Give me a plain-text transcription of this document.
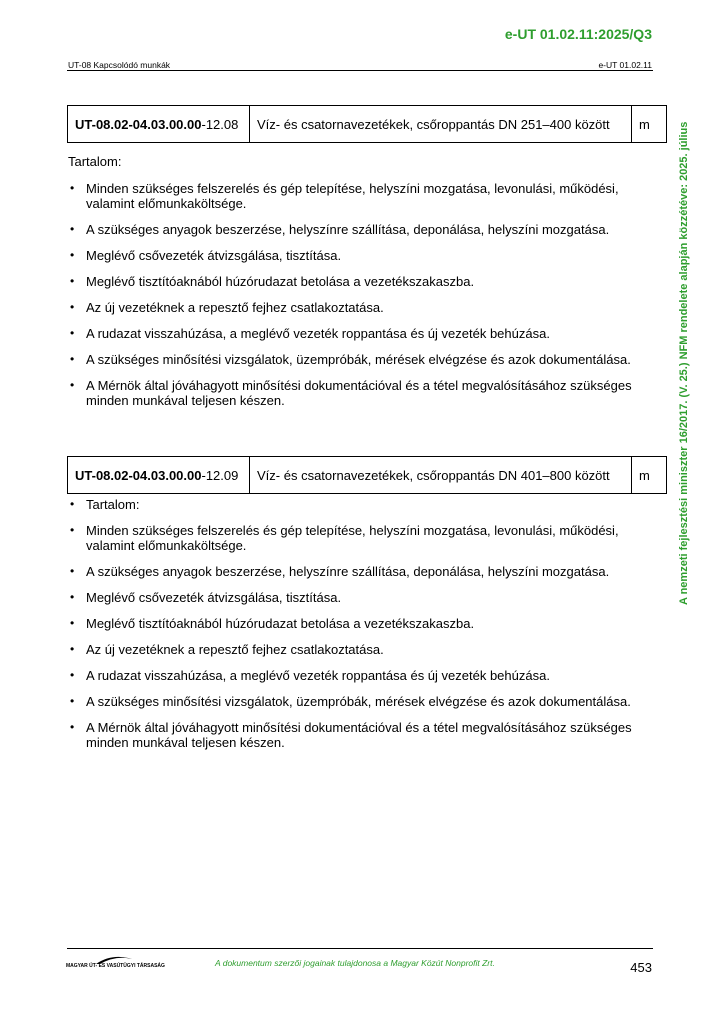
e-UT 01.02.11:2025/Q3
UT-08 Kapcsolódó munkák	e-UT 01.02.11
A nemzeti fejlesztési miniszter 16/2017. (V. 25.) NFM rendelete alapján közzétéve: 2025. július
UT-08.02-04.03.00.00 -12.08	Víz- és csatornavezetékek, csőroppantás DN 251–400 között	m
Tartalom:
• Minden szükséges felszerelés és gép telepítése, helyszíni mozgatása, levonulási, működési, valamint előmunkaköltsége.
• A szükséges anyagok beszerzése, helyszínre szállítása, deponálása, helyszíni mozgatása.
• Meglévő csővezeték átvizsgálása, tisztítása.
• Meglévő tisztítóaknából húzórudazat betolása a vezetékszakaszba.
• Az új vezetéknek a repesztő fejhez csatlakoztatása.
• A rudazat visszahúzása, a meglévő vezeték roppantása és új vezeték behúzása.
• A szükséges minősítési vizsgálatok, üzempróbák, mérések elvégzése és azok dokumentálása.
• A Mérnök által jóváhagyott minősítési dokumentációval és a tétel megvalósításához szükséges minden munkával teljesen készen.
UT-08.02-04.03.00.00 -12.09	Víz- és csatornavezetékek, csőroppantás DN 401–800 között	m
• Tartalom:
• Minden szükséges felszerelés és gép telepítése, helyszíni mozgatása, levonulási, működési, valamint előmunkaköltsége.
• A szükséges anyagok beszerzése, helyszínre szállítása, deponálása, helyszíni mozgatása.
• Meglévő csővezeték átvizsgálása, tisztítása.
• Meglévő tisztítóaknából húzórudazat betolása a vezetékszakaszba.
• Az új vezetéknek a repesztő fejhez csatlakoztatása.
• A rudazat visszahúzása, a meglévő vezeték roppantása és új vezeték behúzása.
• A szükséges minősítési vizsgálatok, üzempróbák, mérések elvégzése és azok dokumentálása.
• A Mérnök által jóváhagyott minősítési dokumentációval és a tétel megvalósításához szükséges minden munkával teljesen készen.
MAGYAR ÚT- ÉS VASÚTÜGYI TÁRSASÁG	A dokumentum szerzői jogainak tulajdonosa a Magyar Közút Nonprofit Zrt.	453
